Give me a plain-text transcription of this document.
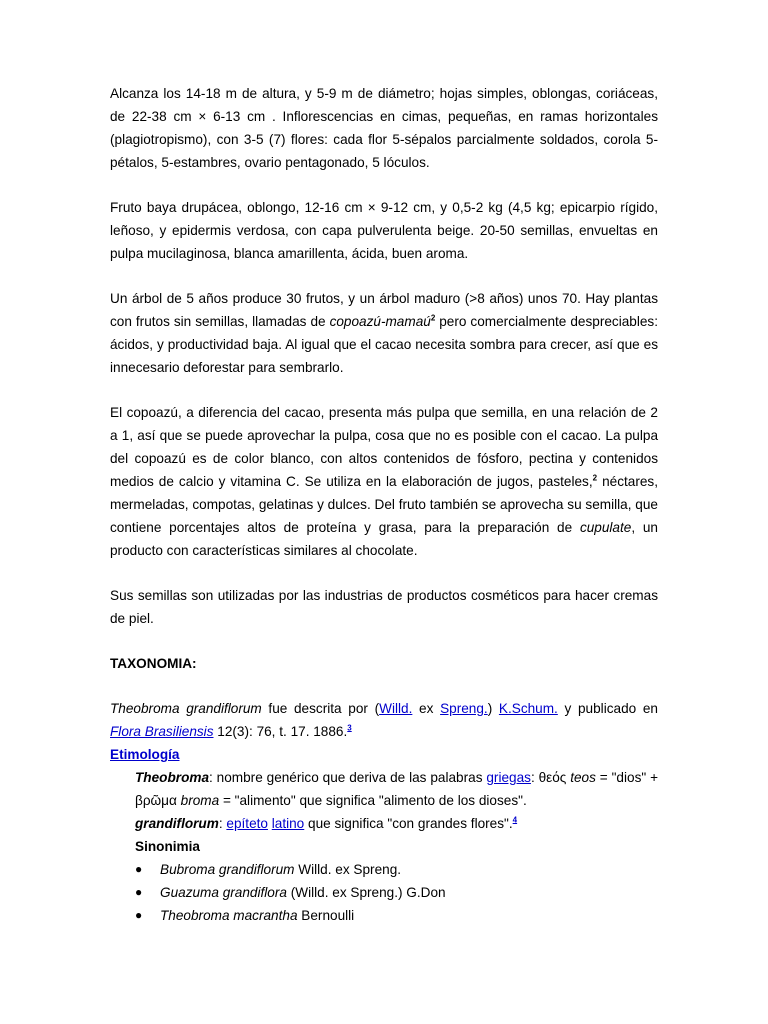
Alcanza los 14-18 m de altura, y 5-9 m de diámetro; hojas simples, oblongas, coriáceas, de 22-38 cm × 6-13 cm . Inflorescencias en cimas, pequeñas, en ramas horizontales (plagiotropismo), con 3-5 (7) flores: cada flor 5-sépalos parcialmente soldados, corola 5-pétalos, 5-estambres, ovario pentagonado, 5 lóculos.

Fruto baya drupácea, oblongo, 12-16 cm × 9-12 cm, y 0,5-2 kg (4,5 kg; epicarpio rígido, leñoso, y epidermis verdosa, con capa pulverulenta beige. 20-50 semillas, envueltas en pulpa mucilaginosa, blanca amarillenta, ácida, buen aroma.

Un árbol de 5 años produce 30 frutos, y un árbol maduro (>8 años) unos 70. Hay plantas con frutos sin semillas, llamadas de copoazú-mamaú$^2$ pero comercialmente despreciables: ácidos, y productividad baja. Al igual que el cacao necesita sombra para crecer, así que es innecesario deforestar para sembrarlo.

El copoazú, a diferencia del cacao, presenta más pulpa que semilla, en una relación de 2 a 1, así que se puede aprovechar la pulpa, cosa que no es posible con el cacao. La pulpa del copoazú es de color blanco, con altos contenidos de fósforo, pectina y contenidos medios de calcio y vitamina C. Se utiliza en la elaboración de jugos, pasteles,$^2$ néctares, mermeladas, compotas, gelatinas y dulces. Del fruto también se aprovecha su semilla, que contiene porcentajes altos de proteína y grasa, para la preparación de cupulate, un producto con características similares al chocolate.

Sus semillas son utilizadas por las industrias de productos cosméticos para hacer cremas de piel.

TAXONOMIA:
Theobroma grandiflorum fue descrita por (Willd. ex Spreng.) K.Schum. y publicado en Flora Brasiliensis 12(3): 76, t. 17. 1886.$^3$
Etimología
Theobroma: nombre genérico que deriva de las palabras griegas: θεός teos = "dios" + βρῶμα broma = "alimento" que significa "alimento de los dioses".
grandiflorum: epíteto latino que significa "con grandes flores".$^4$
Sinonimia
● Bubroma grandiflorum Willd. ex Spreng.
● Guazuma grandiflora (Willd. ex Spreng.) G.Don
● Theobroma macrantha Bernoulli
